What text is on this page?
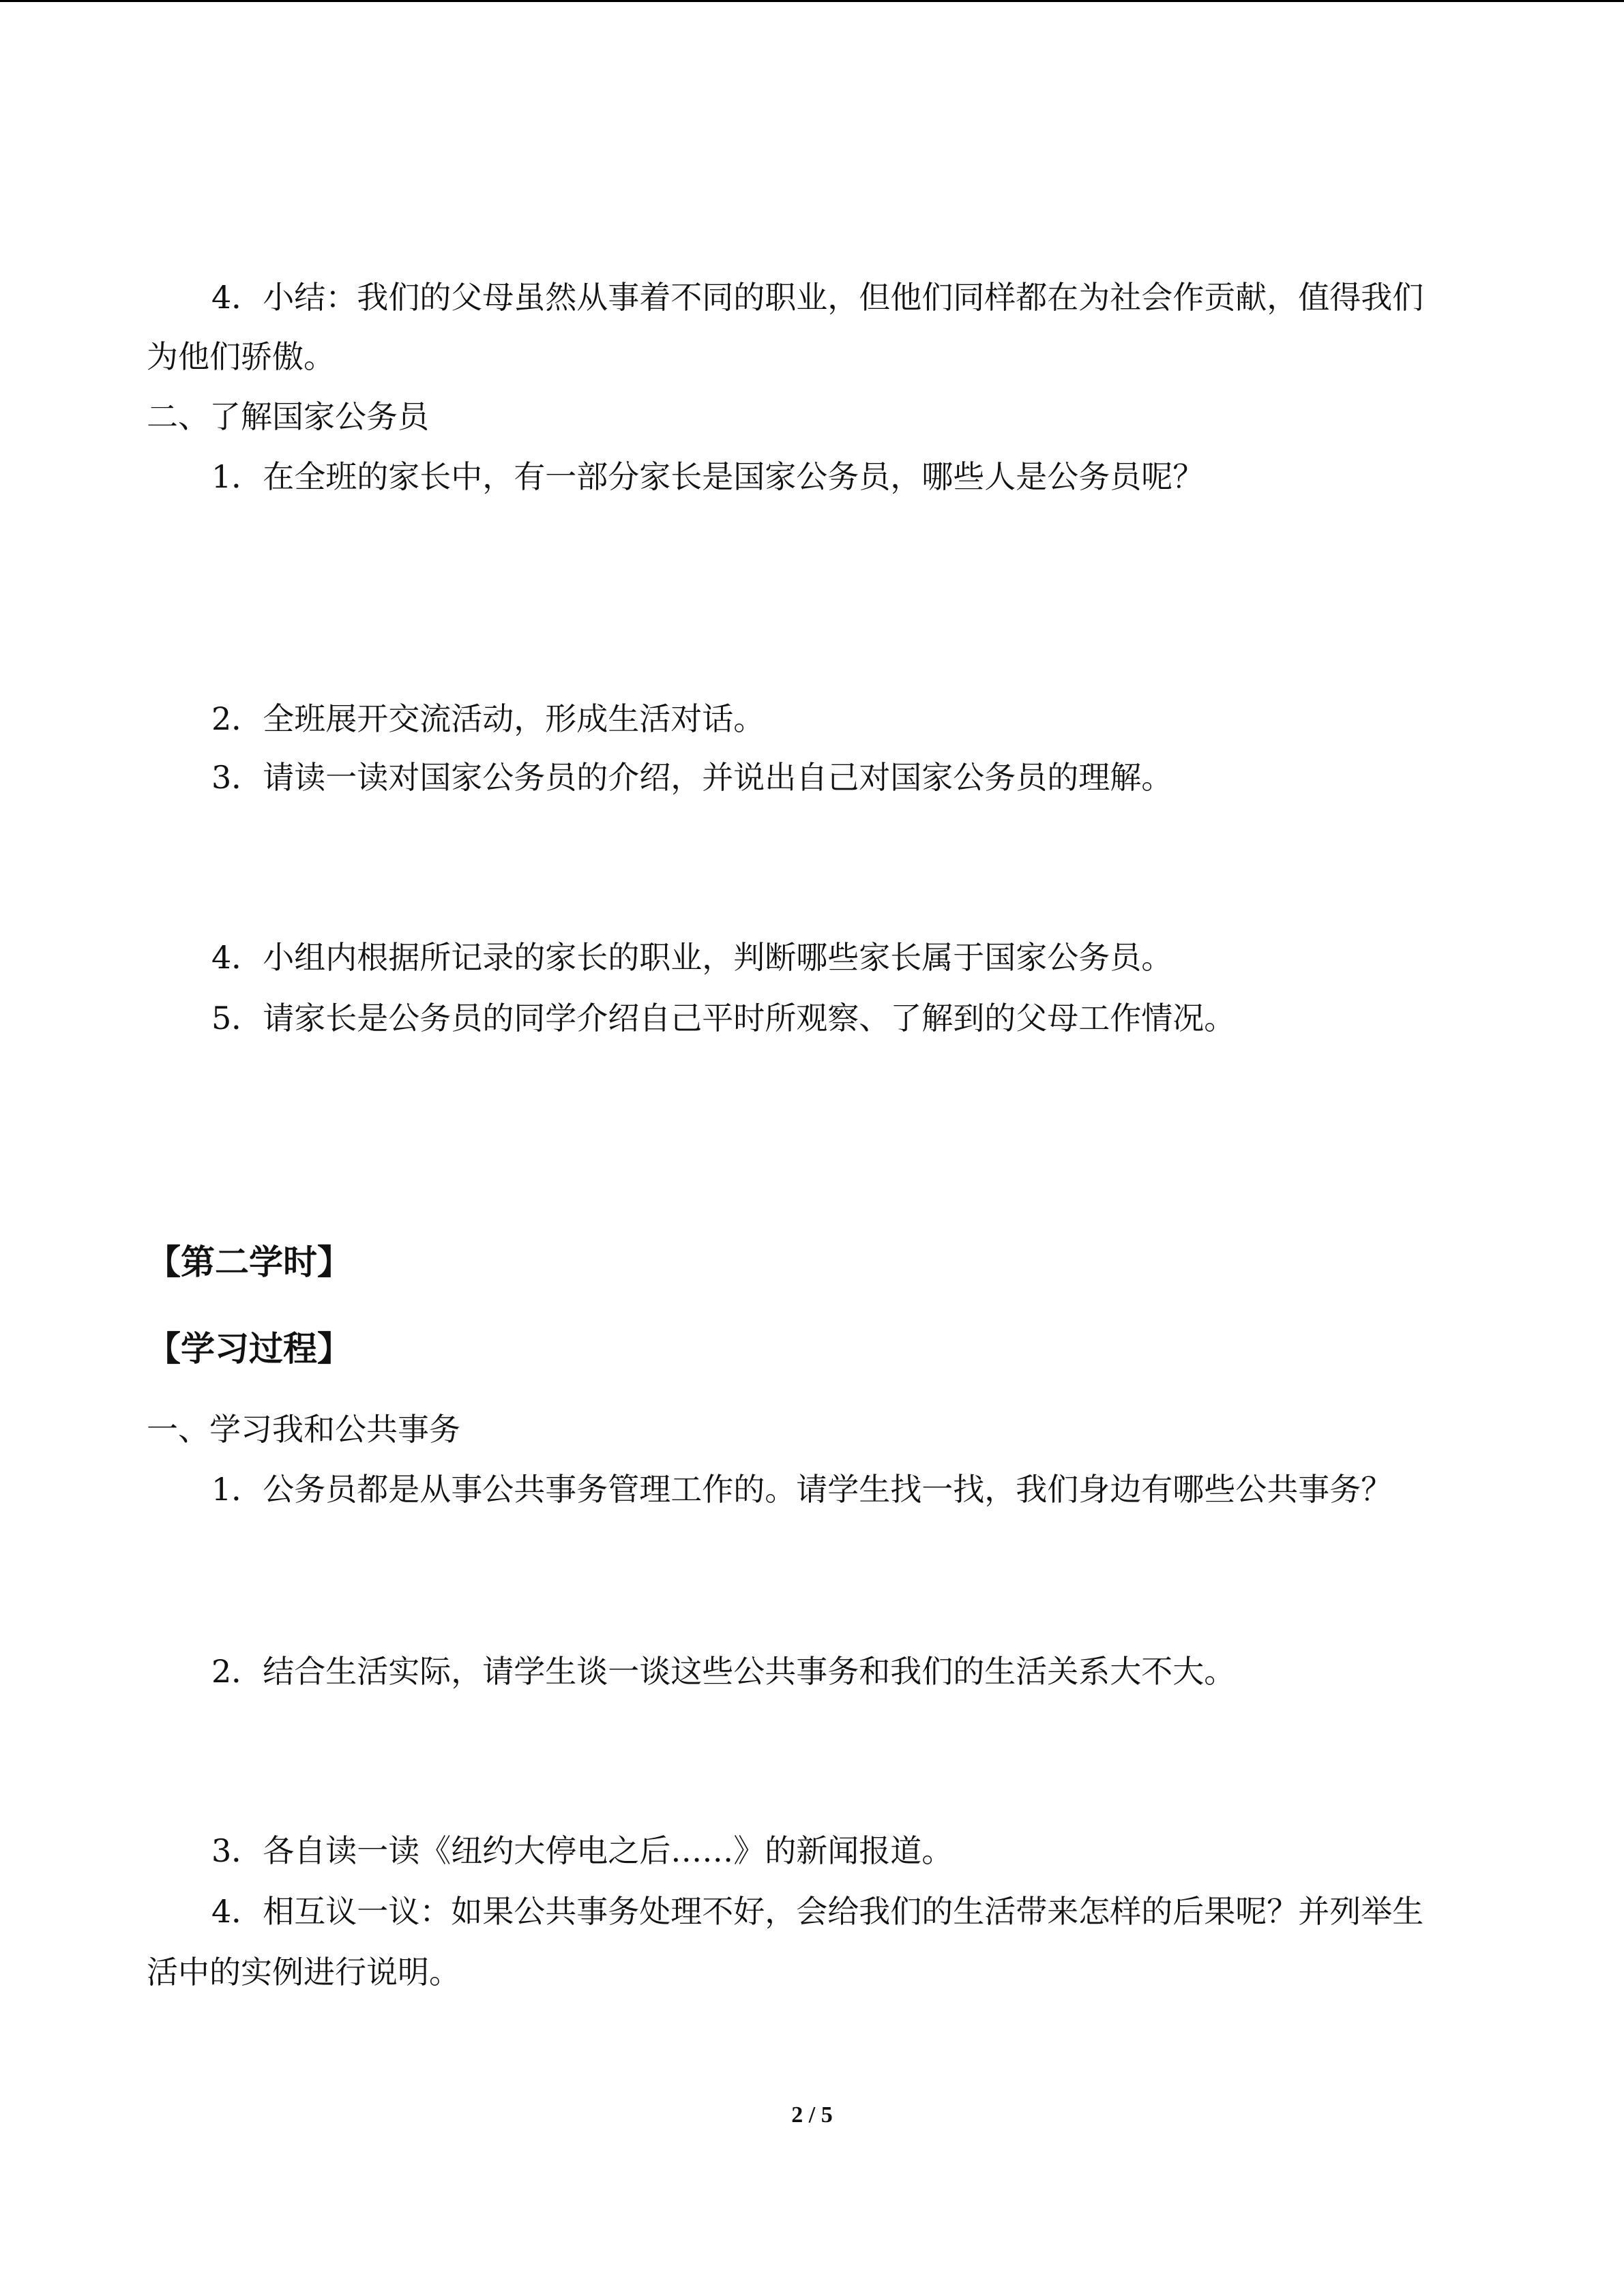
4．小结：我们的父母虽然从事着不同的职业，但他们同样都在为社会作贡献，值得我们
为他们骄傲。
二、了解国家公务员
1．在全班的家长中，有一部分家长是国家公务员，哪些人是公务员呢？
2．全班展开交流活动，形成生活对话。
3．请读一读对国家公务员的介绍，并说出自己对国家公务员的理解。
4．小组内根据所记录的家长的职业，判断哪些家长属于国家公务员。
5．请家长是公务员的同学介绍自己平时所观察、了解到的父母工作情况。
【第二学时】
【学习过程】
一、学习我和公共事务
1．公务员都是从事公共事务管理工作的。请学生找一找，我们身边有哪些公共事务？
2．结合生活实际，请学生谈一谈这些公共事务和我们的生活关系大不大。
3．各自读一读《纽约大停电之后……》的新闻报道。
4．相互议一议：如果公共事务处理不好，会给我们的生活带来怎样的后果呢？并列举生
活中的实例进行说明。
2 / 5
